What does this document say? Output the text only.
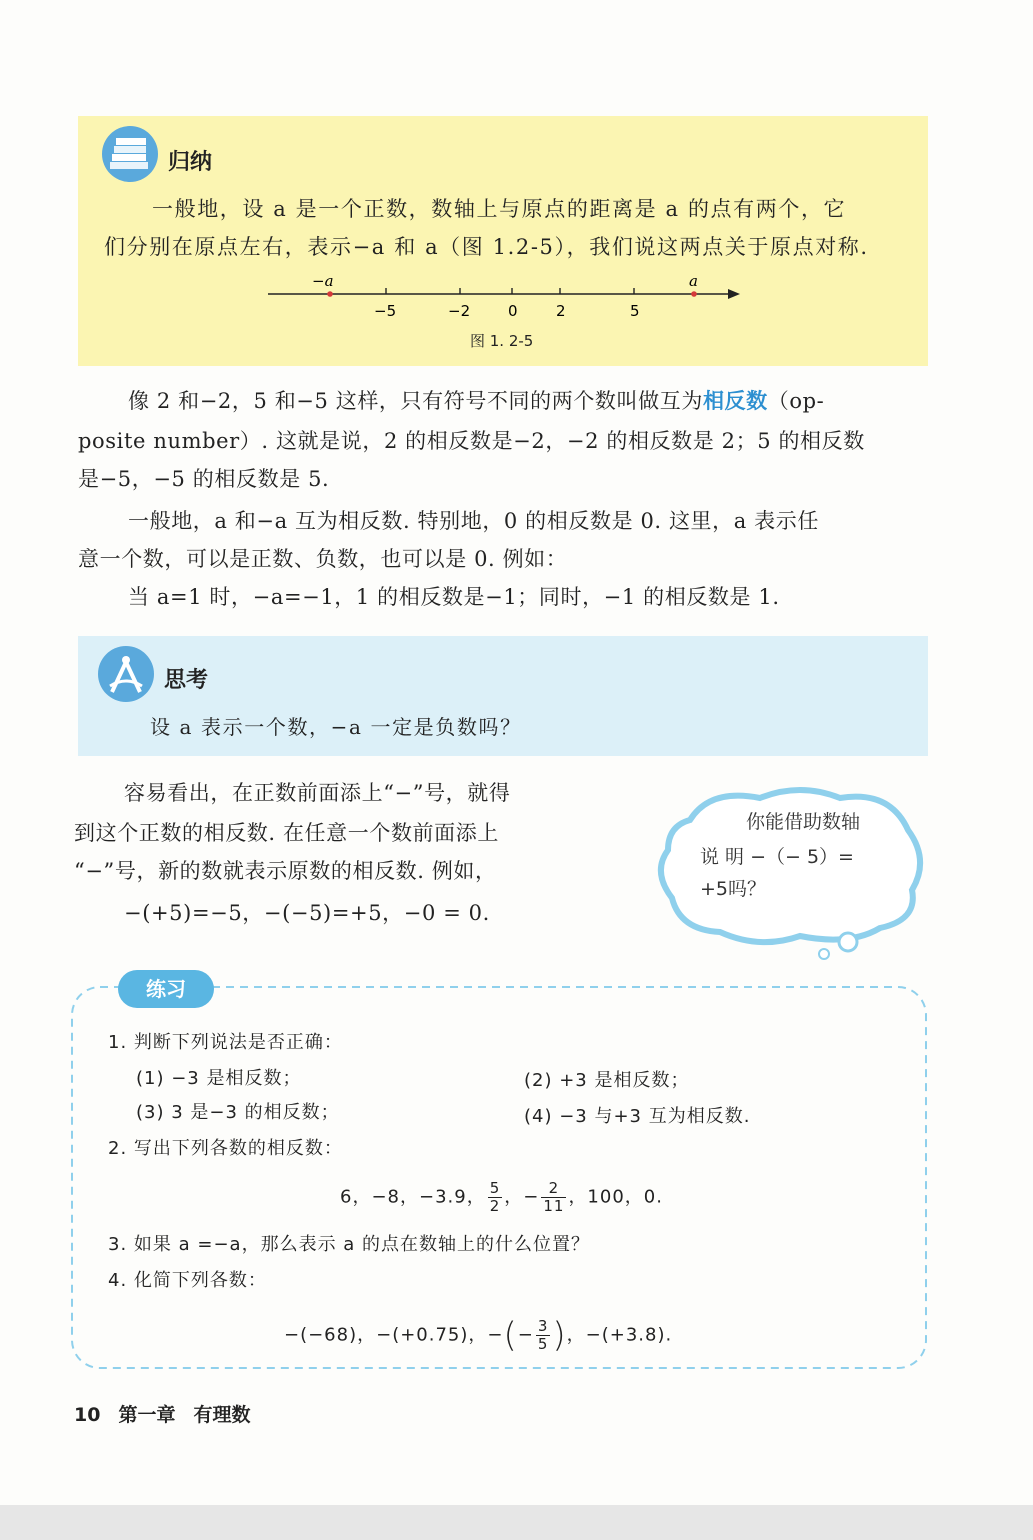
归纳
一般地，设 a 是一个正数，数轴上与原点的距离是 a 的点有两个，它
们分别在原点左右，表示−a 和 a（图 1.2-5），我们说这两点关于原点对称.
−a	a
−5	−2	0	2	5
图 1. 2-5
像 2 和−2，5 和−5 这样，只有符号不同的两个数叫做互为相反数（op-
posite number）. 这就是说，2 的相反数是−2，−2 的相反数是 2；5 的相反数
是−5，−5 的相反数是 5.
一般地，a 和−a 互为相反数. 特别地，0 的相反数是 0. 这里，a 表示任
意一个数，可以是正数、负数，也可以是 0. 例如：
当 a=1 时，−a=−1，1 的相反数是−1；同时，−1 的相反数是 1.
思考
设 a 表示一个数，−a 一定是负数吗？
容易看出，在正数前面添上“−”号，就得
到这个正数的相反数. 在任意一个数前面添上
“−”号，新的数就表示原数的相反数. 例如，
−(+5)=−5，−(−5)=+5，−0 = 0.
你能借助数轴
说 明 −（− 5）=
+5吗？
练习
1. 判断下列说法是否正确：
(1) −3 是相反数；	(2) +3 是相反数；
(3) 3 是−3 的相反数；	(4) −3 与+3 互为相反数.
2. 写出下列各数的相反数：
6，−8，−3.9， $\frac{5}{2}$ ，− $\frac{2}{11}$ ，100，0.
3. 如果 a =−a，那么表示 a 的点在数轴上的什么位置？
4. 化简下列各数：
−(−68)，−(+0.75)，−(− $\frac{3}{5}$ )，−(+3.8).
10 第一章 有理数
